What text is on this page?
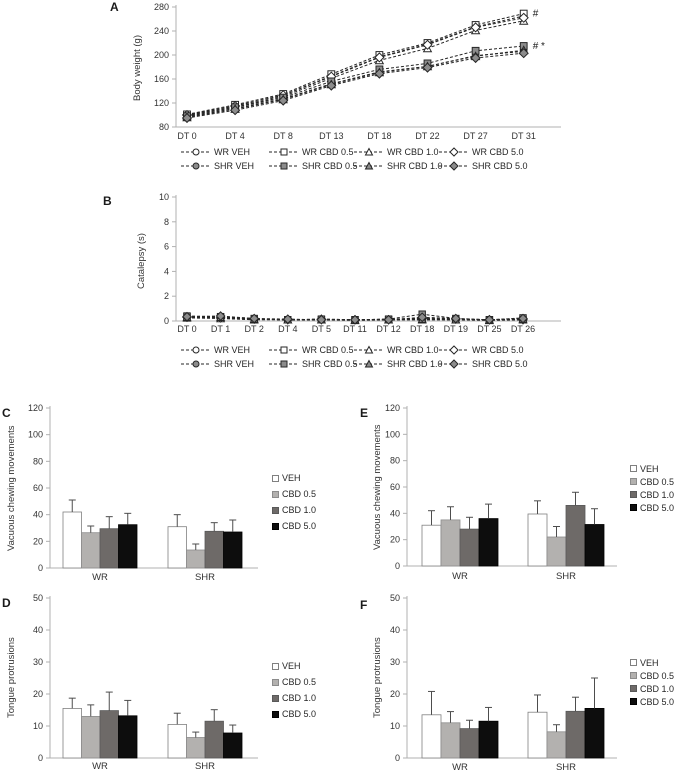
A
Body weight (g)
80
120
160
200
240
280
DT 0	DT 4	DT 8	DT 13	DT 18	DT 22	DT 27	DT 31
#
# *
WR VEH	WR CBD 0.5	WR CBD 1.0	WR CBD 5.0
SHR VEH	SHR CBD 0.5	SHR CBD 1.0	SHR CBD 5.0
B
Catalepsy (s)
0
2
4
6
8
10
DT 0 DT 1 DT 2 DT 4 DT 5 DT 11 DT 12 DT 18 DT 19 DT 25 DT 26
WR VEH	WR CBD 0.5	WR CBD 1.0	WR CBD 5.0
SHR VEH	SHR CBD 0.5	SHR CBD 1.0	SHR CBD 5.0
C
Vacuous chewing movements
0
20
40
60
80
100
120
WR	SHR
VEH
CBD 0.5
CBD 1.0
CBD 5.0
E
Vacuous chewing movements
0
20
40
60
80
100
120
WR	SHR
VEH
CBD 0.5
CBD 1.0
CBD 5.0
D
Tongue protrusions
0
10
20
30
40
50
WR	SHR
VEH
CBD 0.5
CBD 1.0
CBD 5.0
F
Tongue protrusions
0
10
20
30
40
50
WR	SHR
VEH
CBD 0.5
CBD 1.0
CBD 5.0
